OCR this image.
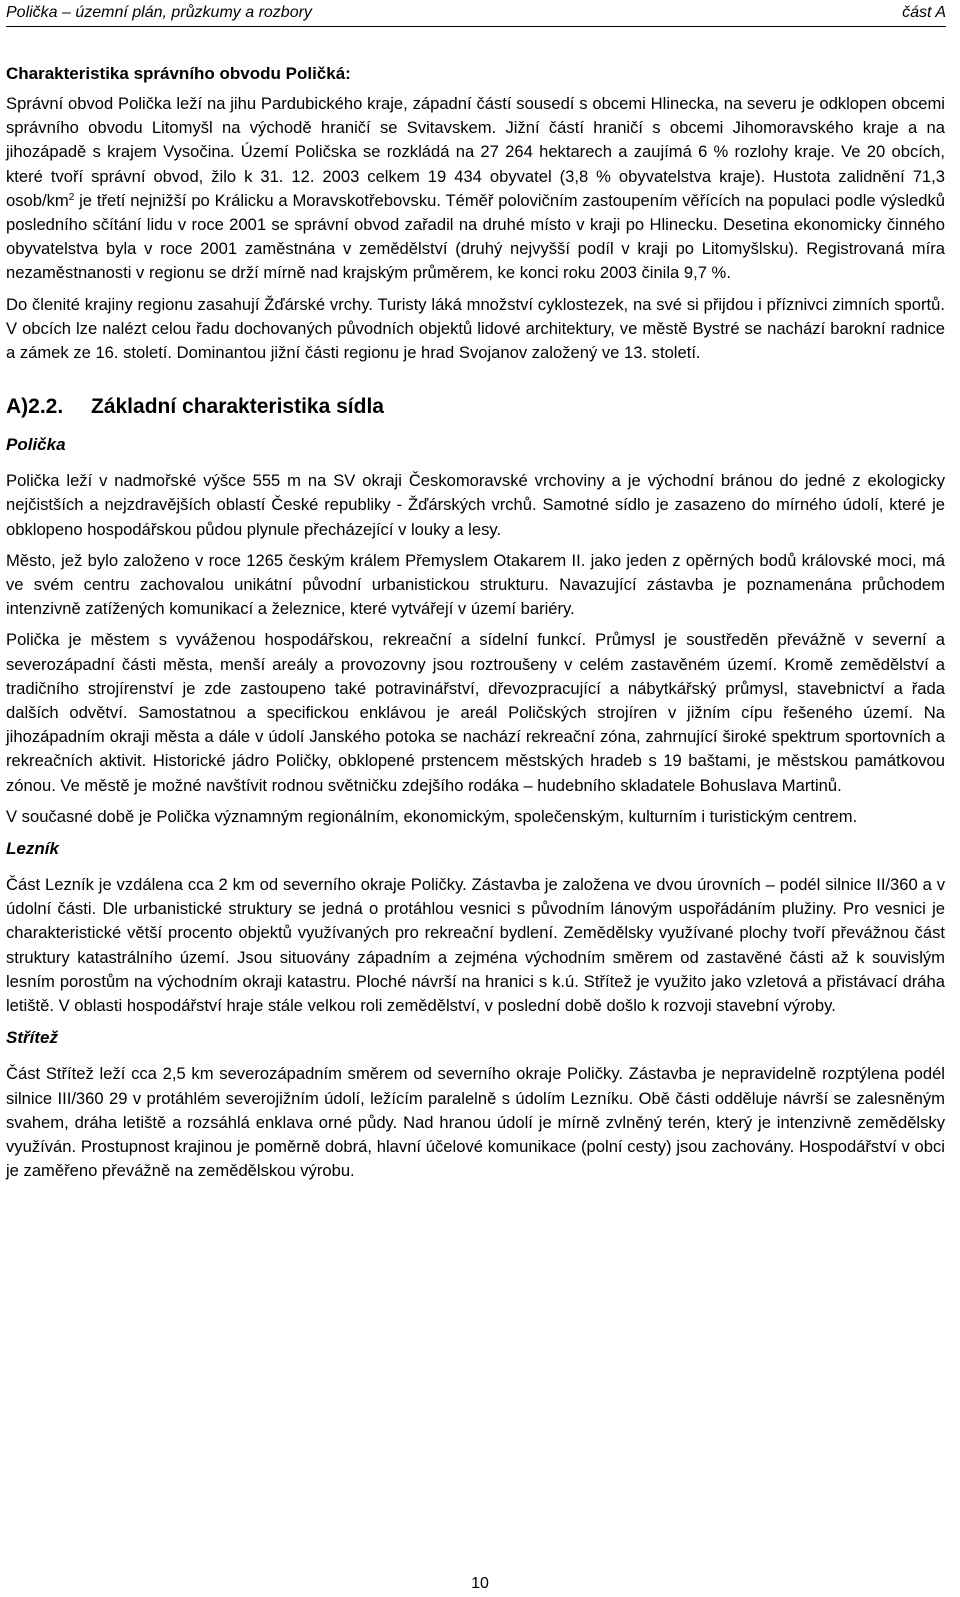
Polička – územní plán, průzkumy a rozbory	část A
Charakteristika správního obvodu Poličká:

Správní obvod Polička leží na jihu Pardubického kraje, západní částí sousedí s obcemi Hlinecka, na severu je odklopen obcemi správního obvodu Litomyšl na východě hraničí se Svitavskem. Jižní částí hraničí s obcemi Jihomoravského kraje a na jihozápadě s krajem Vysočina. Území Poličska se rozkládá na 27 264 hektarech a zaujímá 6 % rozlohy kraje. Ve 20 obcích, které tvoří správní obvod, žilo k 31. 12. 2003 celkem 19 434 obyvatel (3,8 % obyvatelstva kraje). Hustota zalidnění 71,3 osob/$km^2$ je třetí nejnižší po Králicku a Moravskotřebovsku. Téměř polovičním zastoupením věřících na populaci podle výsledků posledního sčítání lidu v roce 2001 se správní obvod zařadil na druhé místo v kraji po Hlinecku. Desetina ekonomicky činného obyvatelstva byla v roce 2001 zaměstnána v zemědělství (druhý nejvyšší podíl v kraji po Litomyšlsku). Registrovaná míra nezaměstnanosti v regionu se drží mírně nad krajským průměrem, ke konci roku 2003 činila 9,7 %.

Do členité krajiny regionu zasahují Žďárské vrchy. Turisty láká množství cyklostezek, na své si přijdou i příznivci zimních sportů. V obcích lze nalézt celou řadu dochovaných původních objektů lidové architektury, ve městě Bystré se nachází barokní radnice a zámek ze 16. století. Dominantou jižní části regionu je hrad Svojanov založený ve 13. století.

A)2.2.	Základní charakteristika sídla
Polička

Polička leží v nadmořské výšce 555 m na SV okraji Českomoravské vrchoviny a je východní bránou do jedné z ekologicky nejčistších a nejzdravějších oblastí České republiky - Žďárských vrchů. Samotné sídlo je zasazeno do mírného údolí, které je obklopeno hospodářskou půdou plynule přecházející v louky a lesy.

Město, jež bylo založeno v roce 1265 českým králem Přemyslem Otakarem II. jako jeden z opěrných bodů královské moci, má ve svém centru zachovalou unikátní původní urbanistickou strukturu. Navazující zástavba je poznamenána průchodem intenzivně zatížených komunikací a železnice, které vytvářejí v území bariéry.

Polička je městem s vyváženou hospodářskou, rekreační a sídelní funkcí. Průmysl je soustředěn převážně v severní a severozápadní části města, menší areály a provozovny jsou roztroušeny v celém zastavěném území. Kromě zemědělství a tradičního strojírenství je zde zastoupeno také potravinářství, dřevozpracující a nábytkářský průmysl, stavebnictví a řada dalších odvětví. Samostatnou a specifickou enklávou je areál Poličských strojíren v jižním cípu řešeného území. Na jihozápadním okraji města a dále v údolí Janského potoka se nachází rekreační zóna, zahrnující široké spektrum sportovních a rekreačních aktivit. Historické jádro Poličky, obklopené prstencem městských hradeb s 19 baštami, je městskou památkovou zónou. Ve městě je možné navštívit rodnou světničku zdejšího rodáka – hudebního skladatele Bohuslava Martinů.

V současné době je Polička významným regionálním, ekonomickým, společenským, kulturním i turistickým centrem.

Lezník

Část Lezník je vzdálena cca 2 km od severního okraje Poličky. Zástavba je založena ve dvou úrovních – podél silnice II/360 a v údolní části. Dle urbanistické struktury se jedná o protáhlou vesnici s původním lánovým uspořádáním plužiny. Pro vesnici je charakteristické větší procento objektů využívaných pro rekreační bydlení. Zemědělsky využívané plochy tvoří převážnou část struktury katastrálního území. Jsou situovány západním a zejména východním směrem od zastavěné části až k souvislým lesním porostům na východním okraji katastru. Ploché návrší na hranici s k.ú. Střítež je využito jako vzletová a přistávací dráha letiště. V oblasti hospodářství hraje stále velkou roli zemědělství, v poslední době došlo k rozvoji stavební výroby.

Střítež

Část Střítež leží cca 2,5 km severozápadním směrem od severního okraje Poličky. Zástavba je nepravidelně rozptýlena podél silnice III/360 29 v protáhlém severojižním údolí, ležícím paralelně s údolím Lezníku. Obě části odděluje návrší se zalesněným svahem, dráha letiště a rozsáhlá enklava orné půdy. Nad hranou údolí je mírně zvlněný terén, který je intenzivně zemědělsky využíván. Prostupnost krajinou je poměrně dobrá, hlavní účelové komunikace (polní cesty) jsou zachovány. Hospodářství v obci je zaměřeno převážně na zemědělskou výrobu.

10
